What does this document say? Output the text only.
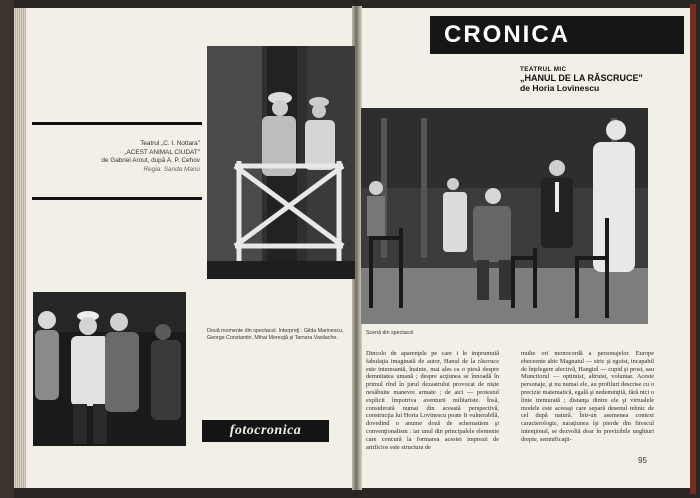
Teatrul „C. I. Nottara"
„ACEST ANIMAL CIUDAT"
de Gabriel Arout, după A. P. Cehov
Regia: Sanda Manu
Două momente din spectacol. Interpreţi : Gilda Marinescu, George Constantin, Mihai Mereuţă şi Tamara Vasilache.
fotocronica
CRONICA
TEATRUL MIC
„HANUL DE LA RĂSCRUCE"
de Horia Lovinescu
Scenă din spectacol
Dincolo de aparenţele pe care i le imprumută fabulaţia imaginată de autor, Hanul de la răscruce este interesantă, înainte, mai ales ca o piesă despre demnitatea umană ; despre acţiunea se înnoadă în primul rînd în jurul dezastrului provocat de niște nesăbuite manevre armate ; de aici — protestul explicit împotriva aventurii militariste. Însă, considerată numai din această perspectivă, construcţia lui Horia Lovinescu poate fi vulnerabilă, dovedind o anume doză de schematism şi convenţionalism : iar unul din principalele elemente care concură la formarea acestei impresii de artificios este structura de
multe ori monocordă a personajelor. Europe ebeceente abic Magnatul — stric şi egoist, incapabil de înţelegere afectivă, Hangiul — cupid şi prost, sau Muncitorul — optimist, altruist, voluntar. Aceste personaje, şi nu numai ele, au profiluri descrise cu o precizie matematică, egală şi nedeminţită, fără nici o linie tremurată ; distanţa dintre ele şi virtualele modele este aceeaşi care separă desenul tehnic de cel după natură. Într-un asemenea context caracterologic, naraţiunea îşi pierde din firescul intenţional, se dezvoltă doar în previzibile unghiuri drepte, semnificaţii-
95
